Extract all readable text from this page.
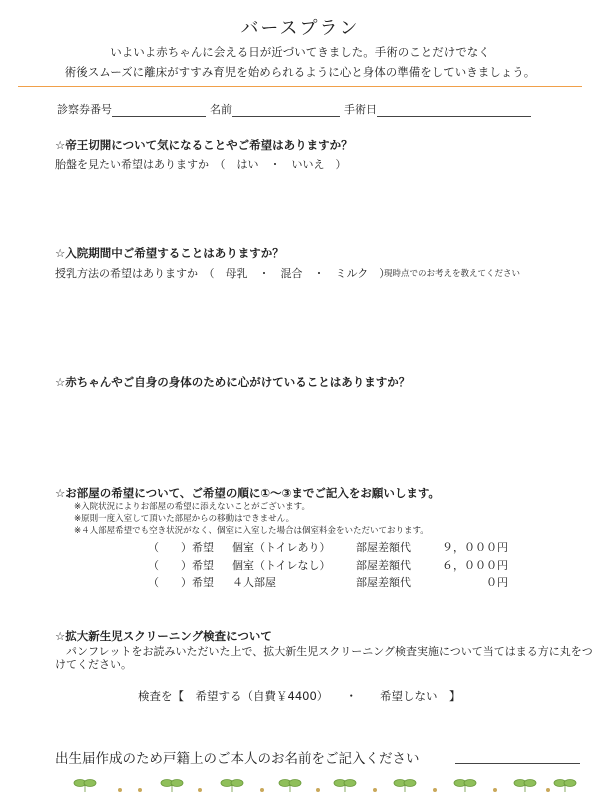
バースプラン
いよいよ赤ちゃんに会える日が近づいてきました。手術のことだけでなく
術後スムーズに離床がすすみ育児を始められるように心と身体の準備をしていきましょう。
診察券番号	名前	手術日
☆帝王切開について気になることやご希望はありますか？
胎盤を見たい希望はありますか　（　はい　・　いいえ　）
☆入院期間中ご希望することはありますか？
授乳方法の希望はありますか　（　母乳　・　混合　・　ミルク　）
現時点でのお考えを教えてください
☆赤ちゃんやご自身の身体のために心がけていることはありますか？
☆お部屋の希望について、ご希望の順に①～③までご記入をお願いします。
※入院状況によりお部屋の希望に添えないことがございます。
※原則一度入室して頂いた部屋からの移動はできません。
※４人部屋希望でも空き状況がなく、個室に入室した場合は個室料金をいただいております。
（　　）希望	個室（トイレあり）	部屋差額代	９，０００円
（　　）希望	個室（トイレなし）	部屋差額代	６，０００円
（　　）希望	４人部屋	部屋差額代	０円
☆拡大新生児スクリーニング検査について
　パンフレットをお読みいただいた上で、拡大新生児スクリーニング検査実施について当てはまる方に丸をつ
けてください。
検査を【　希望する（自費￥4400）　　・　　希望しない　】
出生届作成のため戸籍上のご本人のお名前をご記入ください
